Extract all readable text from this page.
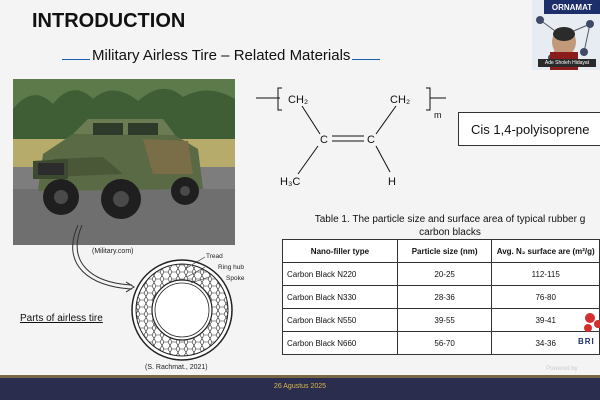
INTRODUCTION
Military Airless Tire – Related Materials
(Military.com)
Tread
Ring hub
Spoke
(S. Rachmat., 2021)
Parts of airless tire
CH₂	CH₂
m
C	C
H₃C	H
Cis 1,4-polyisoprene
Table 1. The particle size and surface area of typical rubber g
carbon blacks
Nano-filler type	Particle size (nm)	Avg. N₂ surface are (m²/g)
Carbon Black N220	20-25	112-115
Carbon Black N330	28-36	76-80
Carbon Black N550	39-55	39-41
Carbon Black N660	56-70	34-36	BRI
Powered by
ORNAMAT
Ade Sholeh Hidayat
26 Agustus 2025
